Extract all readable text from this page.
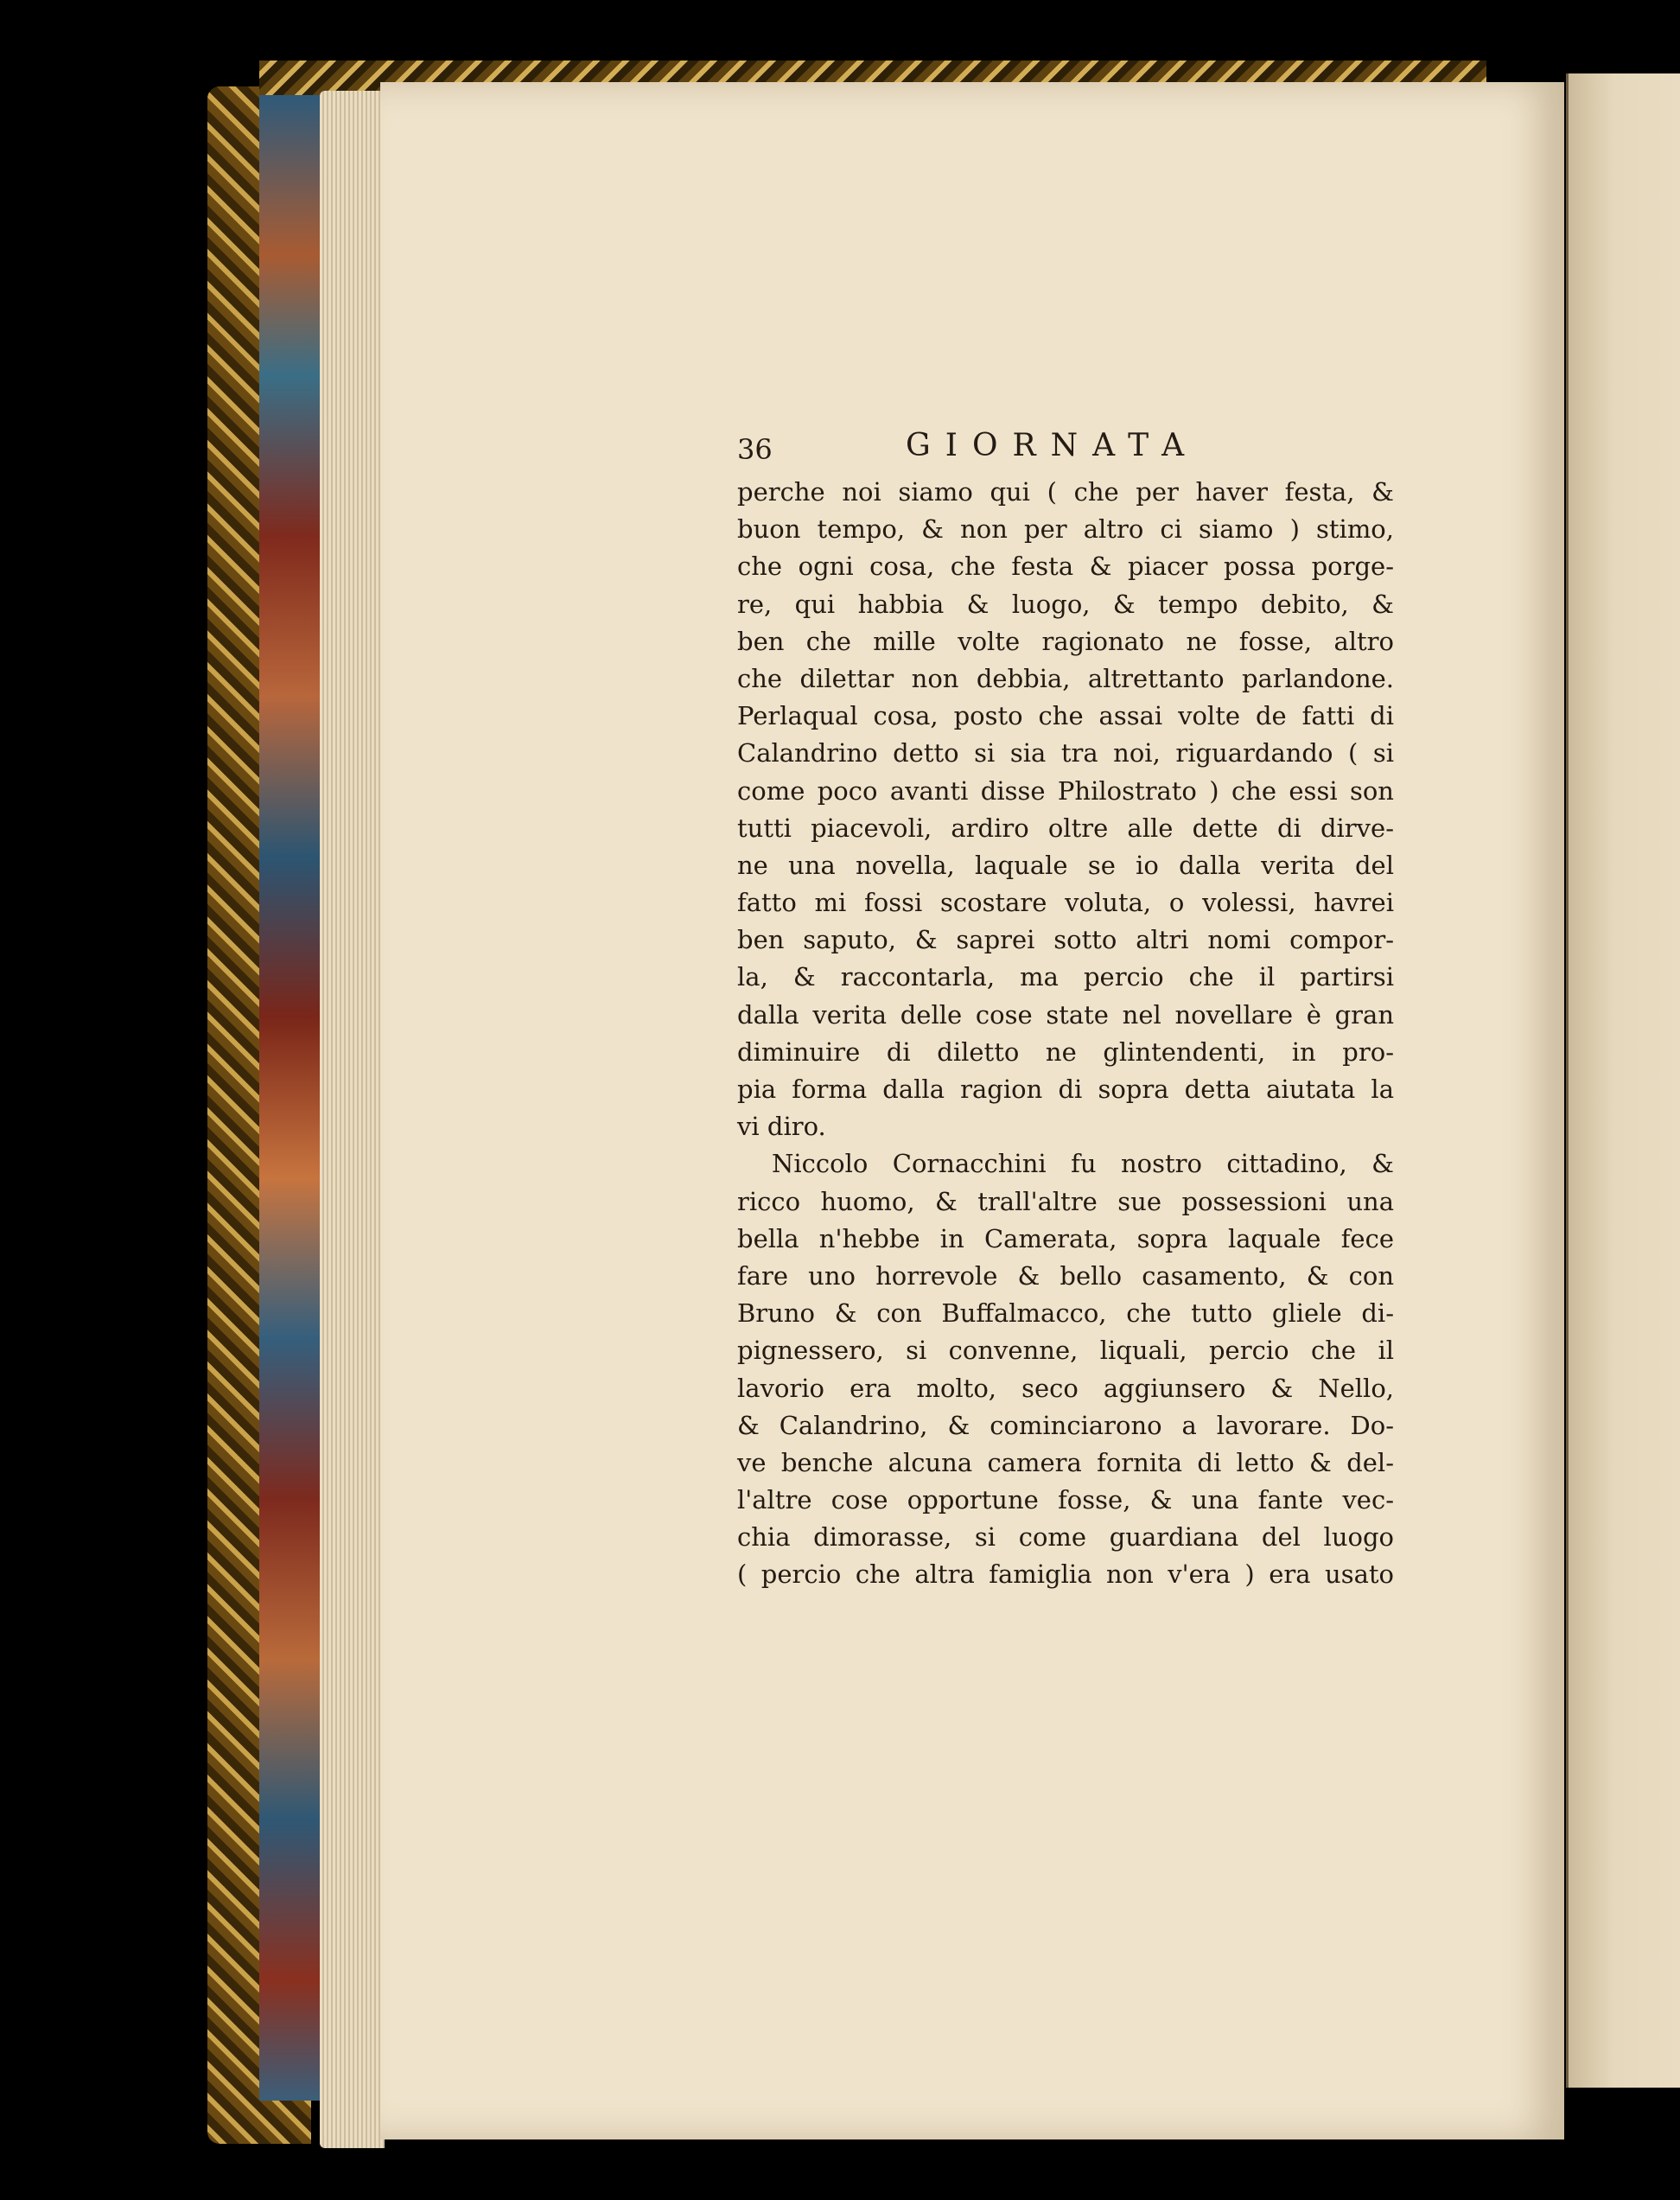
36	GIORNATA
perche noi siamo qui ( che per haver festa, &
buon tempo, & non per altro ci siamo ) stimo,
che ogni cosa, che festa & piacer possa porge-
re, qui habbia & luogo, & tempo debito, &
ben che mille volte ragionato ne fosse, altro
che dilettar non debbia, altrettanto parlandone.
Perlaqual cosa, posto che assai volte de fatti di
Calandrino detto si sia tra noi, riguardando ( si
come poco avanti disse Philostrato ) che essi son
tutti piacevoli, ardiro oltre alle dette di dirve-
ne una novella, laquale se io dalla verita del
fatto mi fossi scostare voluta, o volessi, havrei
ben saputo, & saprei sotto altri nomi compor-
la, & raccontarla, ma percio che il partirsi
dalla verita delle cose state nel novellare è gran
diminuire di diletto ne glintendenti, in pro-
pia forma dalla ragion di sopra detta aiutata la
vi diro.
Niccolo Cornacchini fu nostro cittadino, &
ricco huomo, & trall'altre sue possessioni una
bella n'hebbe in Camerata, sopra laquale fece
fare uno horrevole & bello casamento, & con
Bruno & con Buffalmacco, che tutto gliele di-
pignessero, si convenne, liquali, percio che il
lavorio era molto, seco aggiunsero & Nello,
& Calandrino, & cominciarono a lavorare. Do-
ve benche alcuna camera fornita di letto & del-
l'altre cose opportune fosse, & una fante vec-
chia dimorasse, si come guardiana del luogo
( percio che altra famiglia non v'era ) era usato
